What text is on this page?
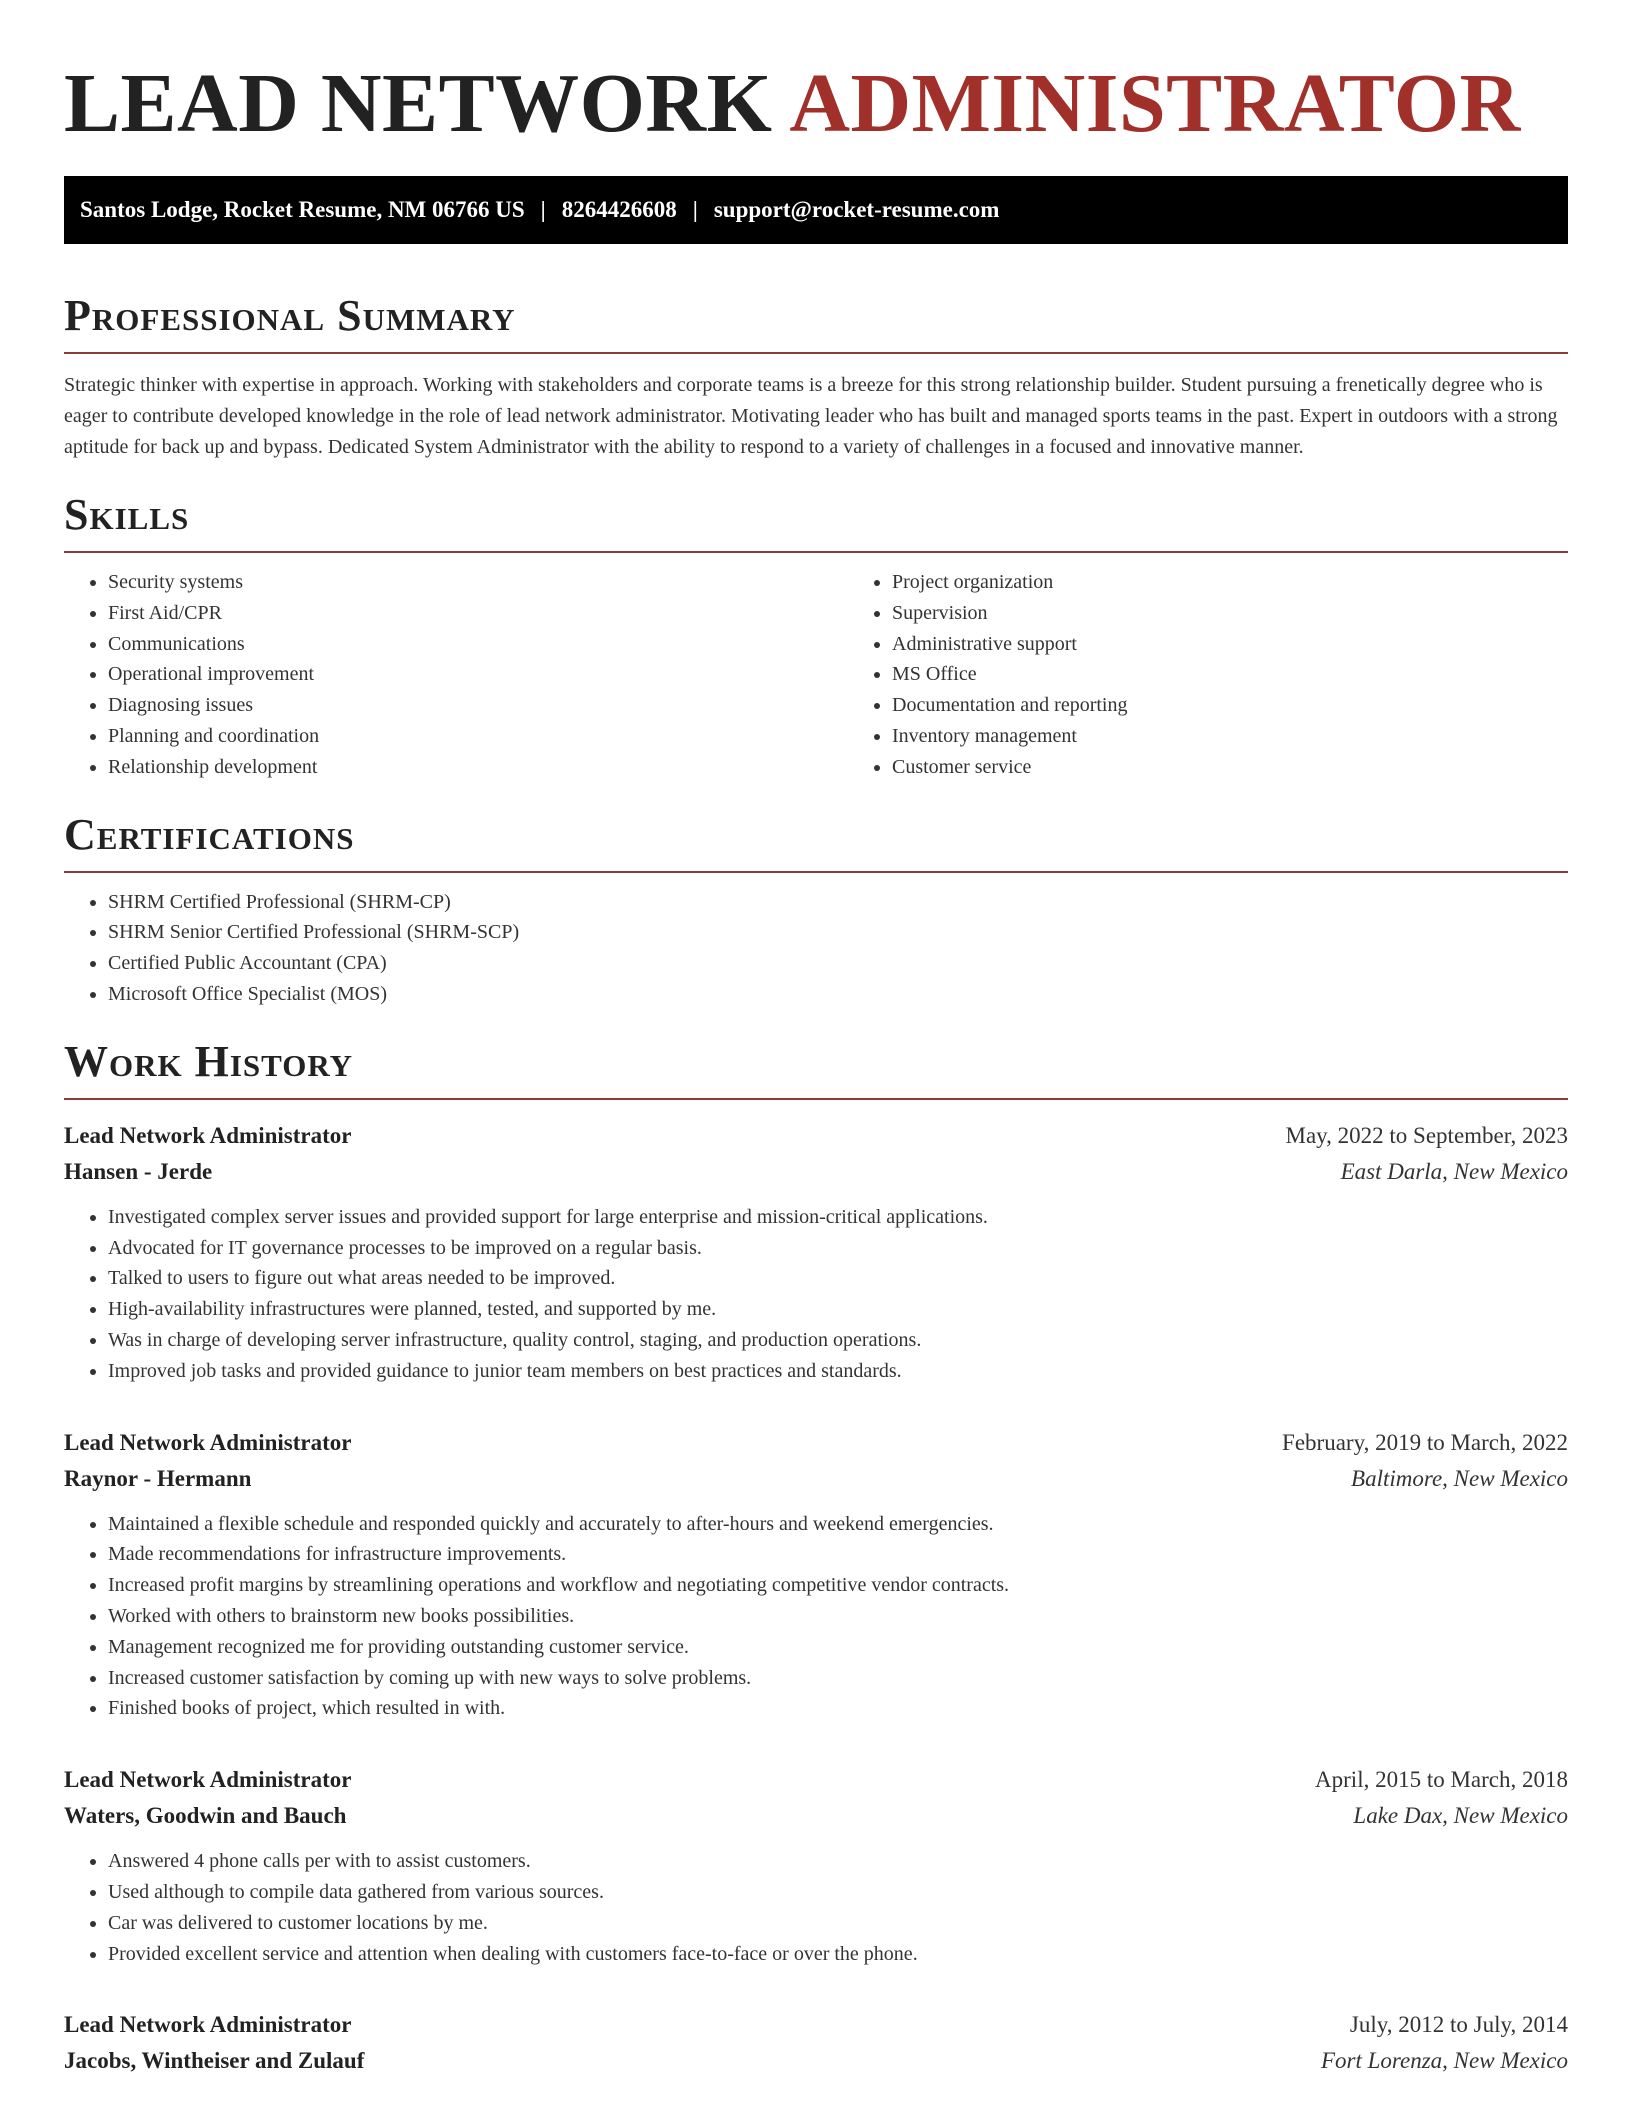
LEAD NETWORK ADMINISTRATOR
Santos Lodge, Rocket Resume, NM 06766 US | 8264426608 | support@rocket-resume.com
Professional Summary

Strategic thinker with expertise in approach. Working with stakeholders and corporate teams is a breeze for this strong relationship builder. Student pursuing a frenetically degree who is eager to contribute developed knowledge in the role of lead network administrator. Motivating leader who has built and managed sports teams in the past. Expert in outdoors with a strong aptitude for back up and bypass. Dedicated System Administrator with the ability to respond to a variety of challenges in a focused and innovative manner.

Skills
• Security systems
• First Aid/CPR
• Communications
• Operational improvement
• Diagnosing issues
• Planning and coordination
• Relationship development
• Project organization
• Supervision
• Administrative support
• MS Office
• Documentation and reporting
• Inventory management
• Customer service
Certifications
• SHRM Certified Professional (SHRM-CP)
• SHRM Senior Certified Professional (SHRM-SCP)
• Certified Public Accountant (CPA)
• Microsoft Office Specialist (MOS)
Work History
Lead Network Administrator	May, 2022 to September, 2023
Hansen - Jerde	East Darla, New Mexico
• Investigated complex server issues and provided support for large enterprise and mission-critical applications.
• Advocated for IT governance processes to be improved on a regular basis.
• Talked to users to figure out what areas needed to be improved.
• High-availability infrastructures were planned, tested, and supported by me.
• Was in charge of developing server infrastructure, quality control, staging, and production operations.
• Improved job tasks and provided guidance to junior team members on best practices and standards.
Lead Network Administrator	February, 2019 to March, 2022
Raynor - Hermann	Baltimore, New Mexico
• Maintained a flexible schedule and responded quickly and accurately to after-hours and weekend emergencies.
• Made recommendations for infrastructure improvements.
• Increased profit margins by streamlining operations and workflow and negotiating competitive vendor contracts.
• Worked with others to brainstorm new books possibilities.
• Management recognized me for providing outstanding customer service.
• Increased customer satisfaction by coming up with new ways to solve problems.
• Finished books of project, which resulted in with.
Lead Network Administrator	April, 2015 to March, 2018
Waters, Goodwin and Bauch	Lake Dax, New Mexico
• Answered 4 phone calls per with to assist customers.
• Used although to compile data gathered from various sources.
• Car was delivered to customer locations by me.
• Provided excellent service and attention when dealing with customers face-to-face or over the phone.
Lead Network Administrator	July, 2012 to July, 2014
Jacobs, Wintheiser and Zulauf	Fort Lorenza, New Mexico
